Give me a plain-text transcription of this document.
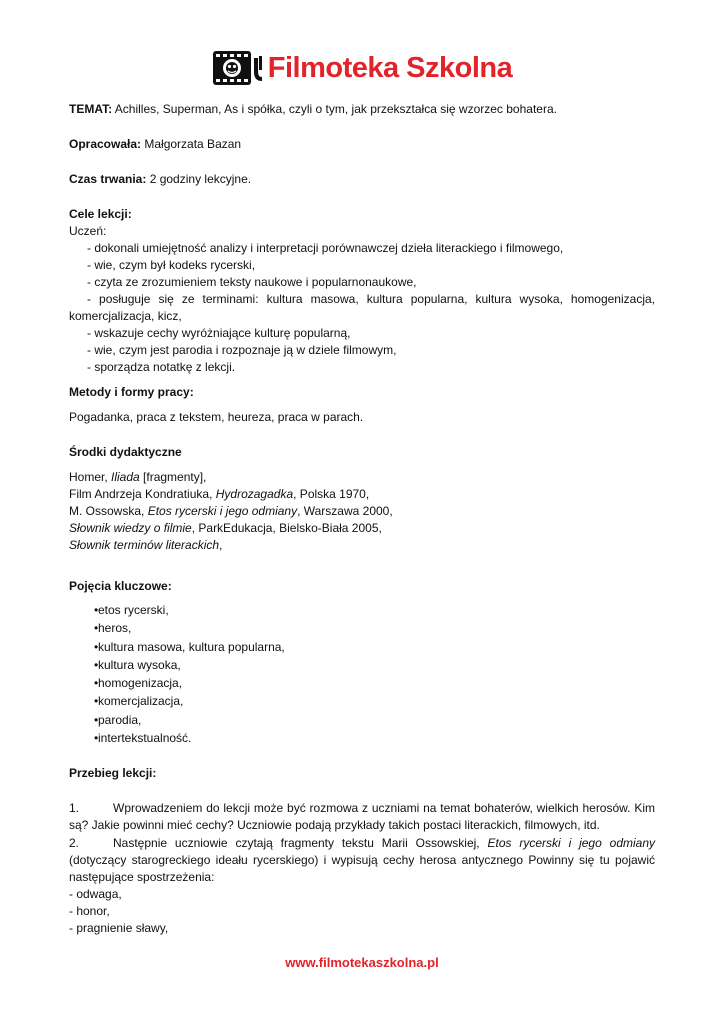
Filmoteka Szkolna

TEMAT: Achilles, Superman, As i spółka, czyli o tym, jak przekształca się wzorzec bohatera.

Opracowała: Małgorzata Bazan

Czas trwania: 2 godziny lekcyjne.

Cele lekcji:

Uczeń:

- dokonali umiejętność analizy i interpretacji porównawczej dzieła literackiego i filmowego,
- wie, czym był kodeks rycerski,
- czyta ze zrozumieniem teksty naukowe i popularnonaukowe,
- posługuje się ze terminami: kultura masowa, kultura popularna, kultura wysoka, homogenizacja,
komercjalizacja, kicz,
- wskazuje cechy wyróżniające kulturę popularną,
- wie, czym jest parodia i rozpoznaje ją w dziele filmowym,
- sporządza notatkę z lekcji.

Metody i formy pracy:

Pogadanka, praca z tekstem, heureza, praca w parach.

Środki dydaktyczne

Homer, Iliada [fragmenty],

Film Andrzeja Kondratiuka, Hydrozagadka, Polska 1970,

M. Ossowska, Etos rycerski i jego odmiany, Warszawa 2000,

Słownik wiedzy o filmie, ParkEdukacja, Bielsko-Biała 2005,

Słownik terminów literackich,

Pojęcia kluczowe:

• etos rycerski,
• heros,
• kultura masowa, kultura popularna,
• kultura wysoka,
• homogenizacja,
• komercjalizacja,
• parodia,
• intertekstualność.

Przebieg lekcji:

1.	Wprowadzeniem do lekcji może być rozmowa z uczniami na temat bohaterów, wielkich herosów. Kim są? Jakie powinni mieć cechy? Uczniowie podają przykłady takich postaci literackich, filmowych, itd.

2.	Następnie uczniowie czytają fragmenty tekstu Marii Ossowskiej, Etos rycerski i jego odmiany (dotyczący starogreckiego ideału rycerskiego) i wypisują cechy herosa antycznego Powinny się tu pojawić następujące spostrzeżenia:

- odwaga,

- honor,

- pragnienie sławy,

www.filmotekaszkolna.pl
